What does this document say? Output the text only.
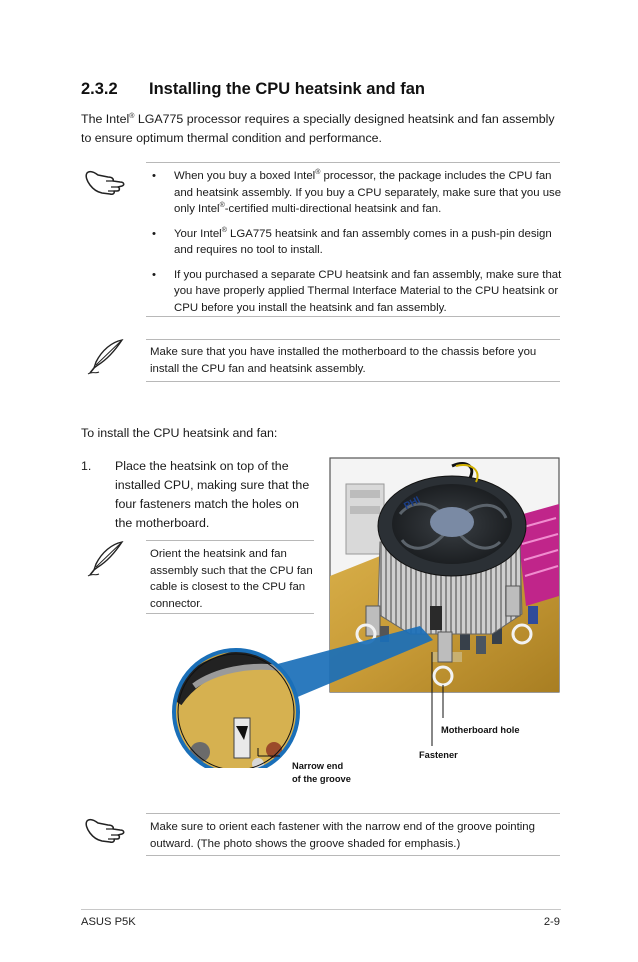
2.3.2 Installing the CPU heatsink and fan
The Intel® LGA775 processor requires a specially designed heatsink and fan assembly to ensure optimum thermal condition and performance.
• When you buy a boxed Intel® processor, the package includes the CPU fan and heatsink assembly. If you buy a CPU separately, make sure that you use only Intel®-certified multi-directional heatsink and fan.
• Your Intel® LGA775 heatsink and fan assembly comes in a push-pin design and requires no tool to install.
• If you purchased a separate CPU heatsink and fan assembly, make sure that you have properly applied Thermal Interface Material to the CPU heatsink or CPU before you install the heatsink and fan assembly.
Make sure that you have installed the motherboard to the chassis before you install the CPU fan and heatsink assembly.
To install the CPU heatsink and fan:
1. Place the heatsink on top of the installed CPU, making sure that the four fasteners match the holes on the motherboard.
Orient the heatsink and fan assembly such that the CPU fan cable is closest to the CPU fan connector.
PHI
Motherboard hole
Fastener
Narrow end
of the groove
Make sure to orient each fastener with the narrow end of the groove pointing outward. (The photo shows the groove shaded for emphasis.)
ASUS P5K	2-9
